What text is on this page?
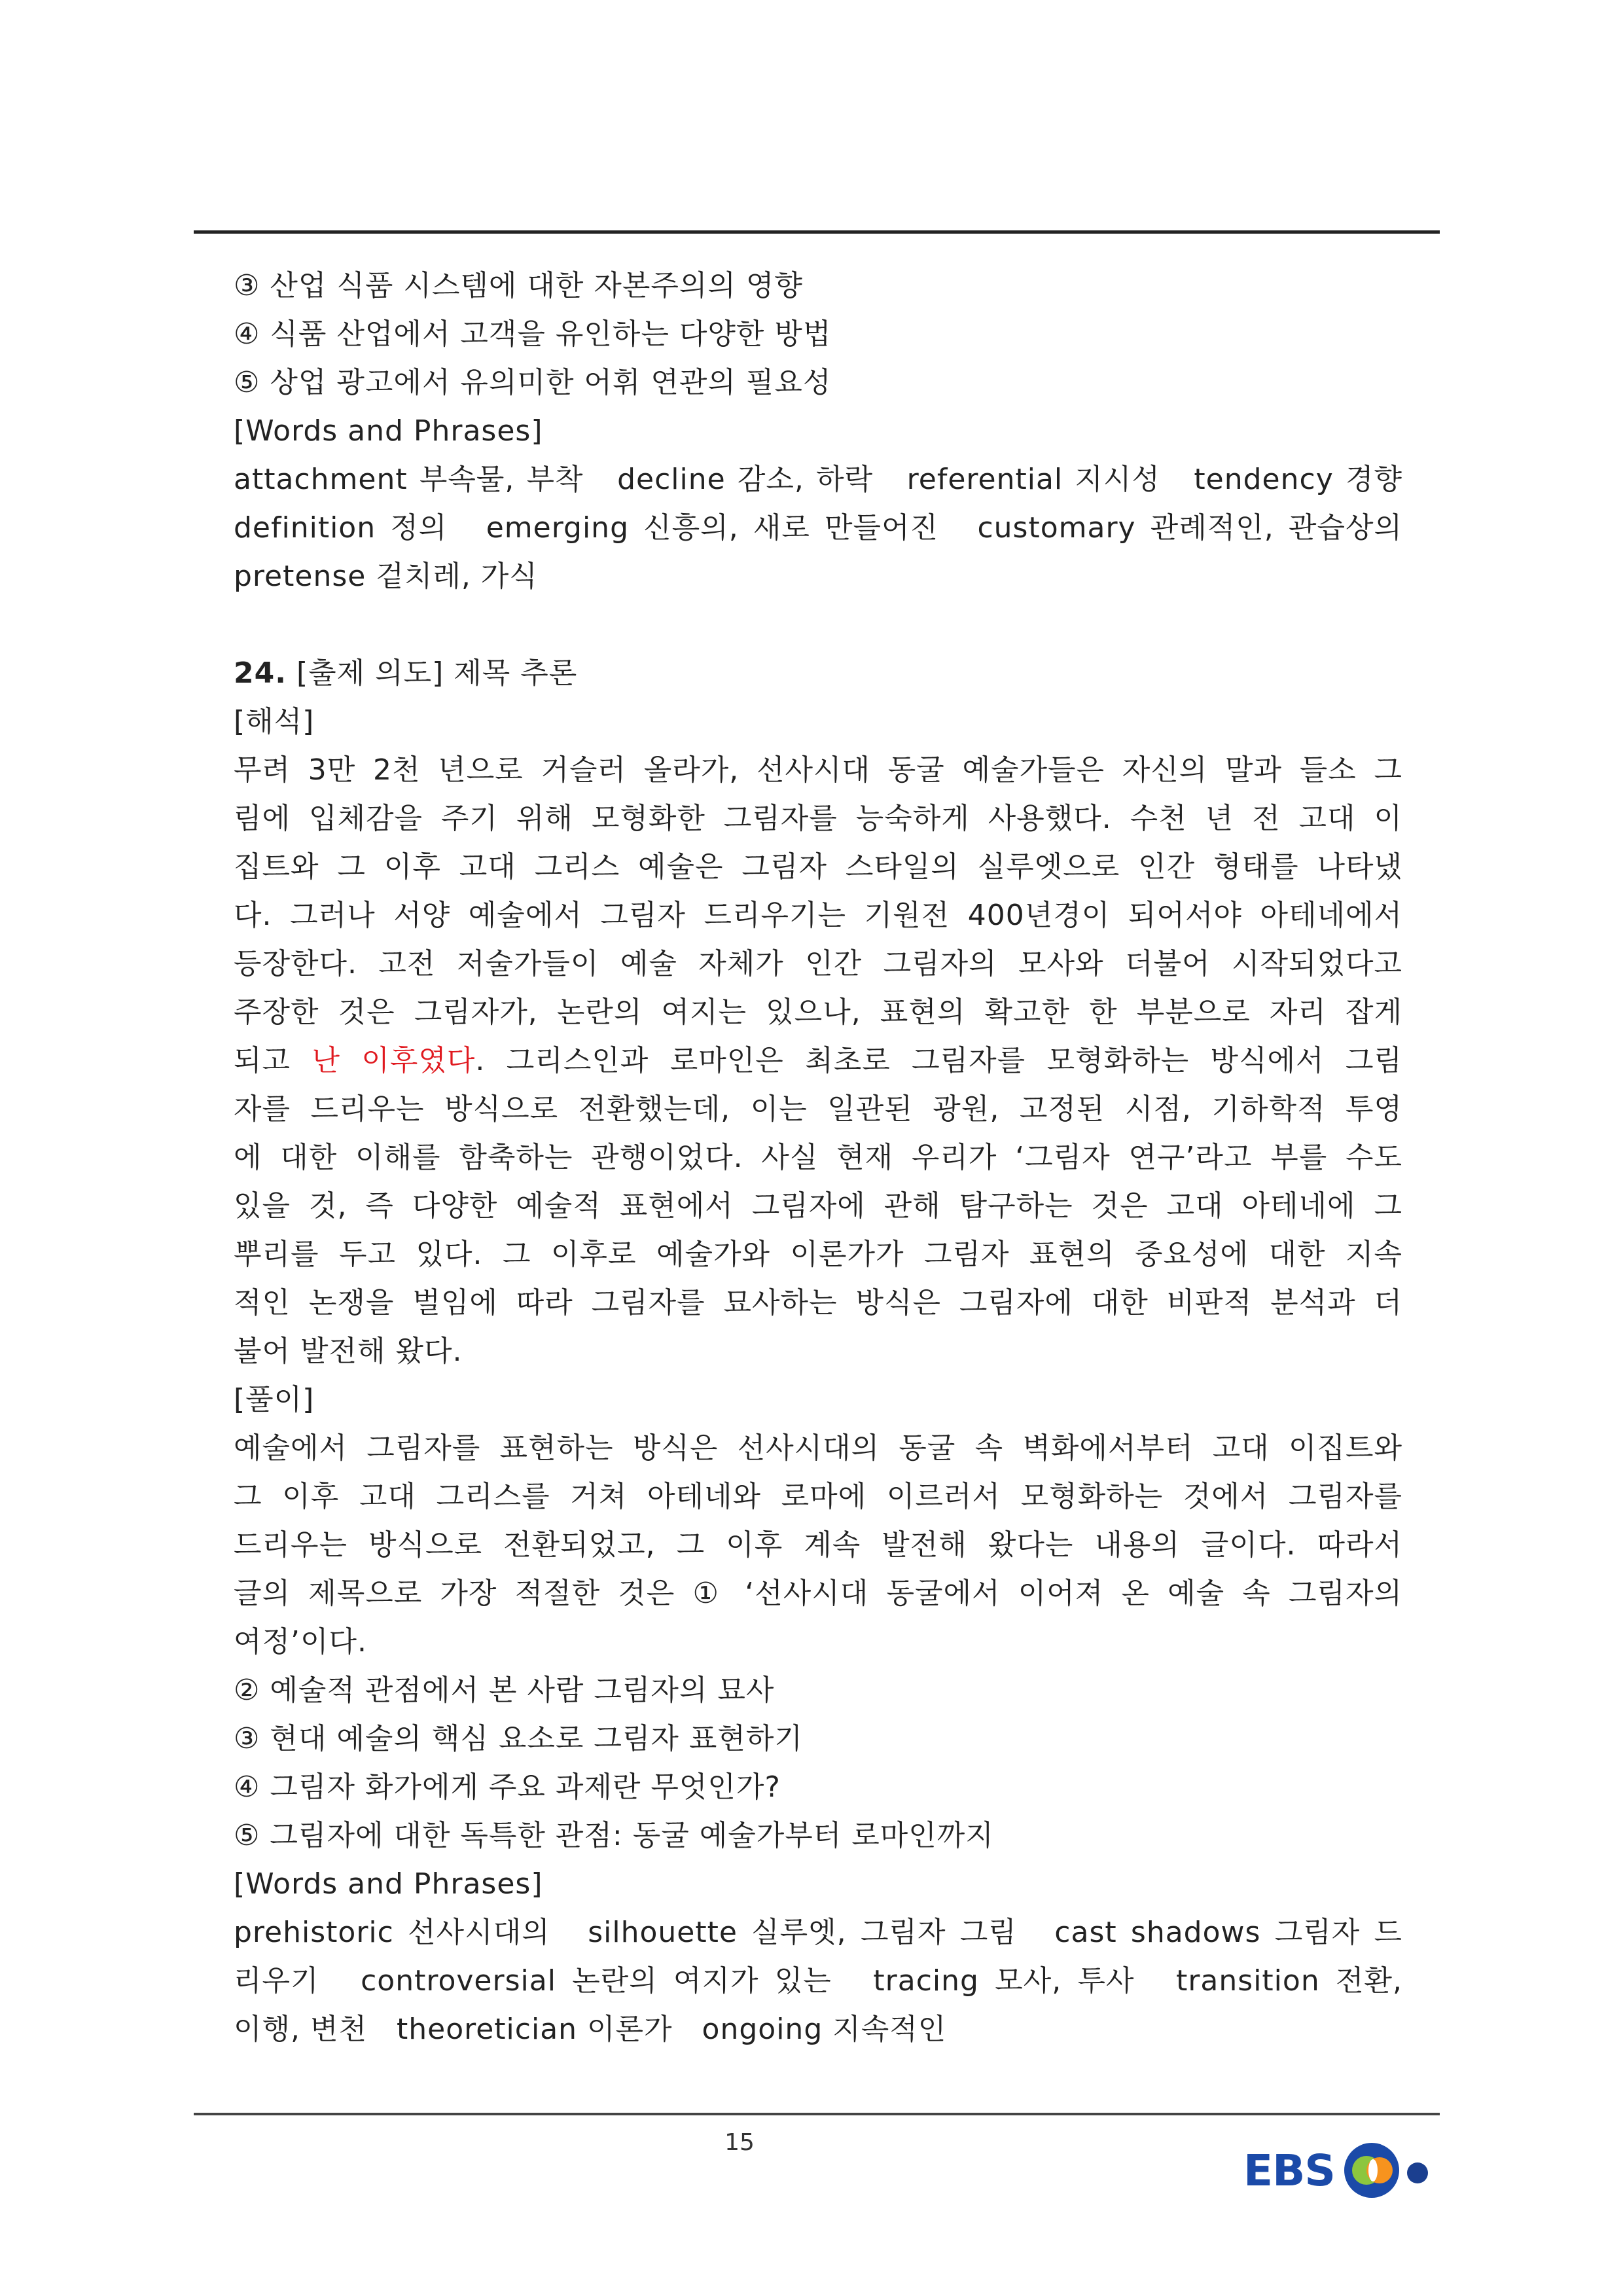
③ 산업 식품 시스템에 대한 자본주의의 영향

④ 식품 산업에서 고객을 유인하는 다양한 방법

⑤ 상업 광고에서 유의미한 어휘 연관의 필요성

[Words and Phrases]

attachment 부속물, 부착　decline 감소, 하락　referential 지시성　tendency 경향

definition 정의　emerging 신흥의, 새로 만들어진　customary 관례적인, 관습상의

pretense 겉치레, 가식

24. [출제 의도] 제목 추론

[해석]

무려 3만 2천 년으로 거슬러 올라가, 선사시대 동굴 예술가들은 자신의 말과 들소 그

림에 입체감을 주기 위해 모형화한 그림자를 능숙하게 사용했다. 수천 년 전 고대 이

집트와 그 이후 고대 그리스 예술은 그림자 스타일의 실루엣으로 인간 형태를 나타냈

다. 그러나 서양 예술에서 그림자 드리우기는 기원전 400년경이 되어서야 아테네에서

등장한다. 고전 저술가들이 예술 자체가 인간 그림자의 모사와 더불어 시작되었다고

주장한 것은 그림자가, 논란의 여지는 있으나, 표현의 확고한 한 부분으로 자리 잡게

되고 난 이후였다. 그리스인과 로마인은 최초로 그림자를 모형화하는 방식에서 그림

자를 드리우는 방식으로 전환했는데, 이는 일관된 광원, 고정된 시점, 기하학적 투영

에 대한 이해를 함축하는 관행이었다. 사실 현재 우리가 ‘그림자 연구’라고 부를 수도

있을 것, 즉 다양한 예술적 표현에서 그림자에 관해 탐구하는 것은 고대 아테네에 그

뿌리를 두고 있다. 그 이후로 예술가와 이론가가 그림자 표현의 중요성에 대한 지속

적인 논쟁을 벌임에 따라 그림자를 묘사하는 방식은 그림자에 대한 비판적 분석과 더

불어 발전해 왔다.

[풀이]

예술에서 그림자를 표현하는 방식은 선사시대의 동굴 속 벽화에서부터 고대 이집트와

그 이후 고대 그리스를 거쳐 아테네와 로마에 이르러서 모형화하는 것에서 그림자를

드리우는 방식으로 전환되었고, 그 이후 계속 발전해 왔다는 내용의 글이다. 따라서

글의 제목으로 가장 적절한 것은 ① ‘선사시대 동굴에서 이어져 온 예술 속 그림자의

여정’이다.

② 예술적 관점에서 본 사람 그림자의 묘사

③ 현대 예술의 핵심 요소로 그림자 표현하기

④ 그림자 화가에게 주요 과제란 무엇인가?

⑤ 그림자에 대한 독특한 관점: 동굴 예술가부터 로마인까지

[Words and Phrases]

prehistoric 선사시대의　silhouette 실루엣, 그림자 그림　cast shadows 그림자 드

리우기　controversial 논란의 여지가 있는　tracing 모사, 투사　transition 전환,

이행, 변천　theoretician 이론가　ongoing 지속적인

15
EBS
